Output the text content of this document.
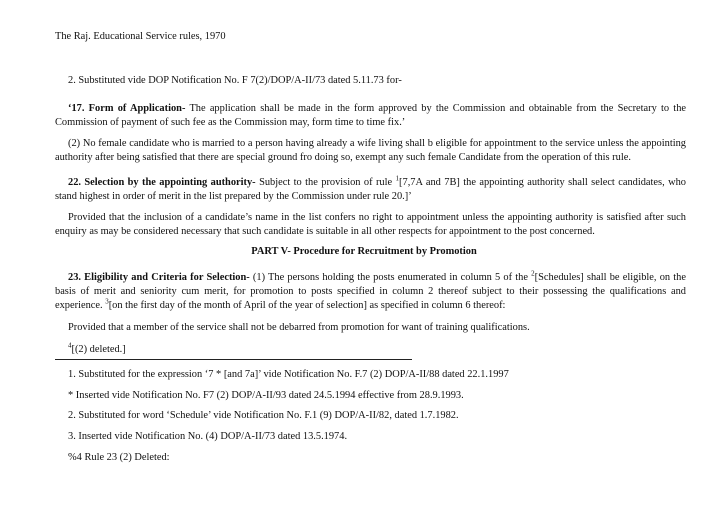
The Raj. Educational Service rules, 1970
2. Substituted vide DOP Notification No. F 7(2)/DOP/A-II/73 dated 5.11.73 for-
‘17. Form of Application- The application shall be made in the form approved by the Commission and obtainable from the Secretary to the
Commission of payment of such fee as the Commission may, form time to time fix.’
(2) No female candidate who is married to a person having already a wife living shall b eligible for appointment to the service unless the appointing
authority after being satisfied that there are special ground fro doing so, exempt any such female Candidate from the operation of this rule.
22. Selection by the appointing authority- Subject to the provision of rule $^1$[7,7A and 7B] the appointing authority shall select candidates, who
stand highest in order of merit in the list prepared by the Commission under rule 20.]’
Provided that the inclusion of a candidate’s name in the list confers no right to appointment unless the appointing authority is satisfied after such
enquiry as may be considered necessary that such candidate is suitable in all other respects for appointment to the post concerned.
PART V- Procedure for Recruitment by Promotion
23. Eligibility and Criteria for Selection- (1) The persons holding the posts enumerated in column 5 of the $^2$[Schedules] shall be eligible, on the
basis of merit and seniority cum merit, for promotion to posts specified in column 2 thereof subject to their possessing the qualifications and
experience. $^3$[on the first day of the month of April of the year of selection] as specified in column 6 thereof:
Provided that a member of the service shall not be debarred from promotion for want of training qualifications.
$^4$[(2) deleted.]
1. Substituted for the expression ‘7 * [and 7a]’ vide Notification No. F.7 (2) DOP/A-II/88 dated 22.1.1997
* Inserted vide Notification No. F7 (2) DOP/A-II/93 dated 24.5.1994 effective from 28.9.1993.
2. Substituted for word ‘Schedule’ vide Notification No. F.1 (9) DOP/A-II/82, dated 1.7.1982.
3. Inserted vide Notification No. (4) DOP/A-II/73 dated 13.5.1974.
%4 Rule 23 (2) Deleted:
